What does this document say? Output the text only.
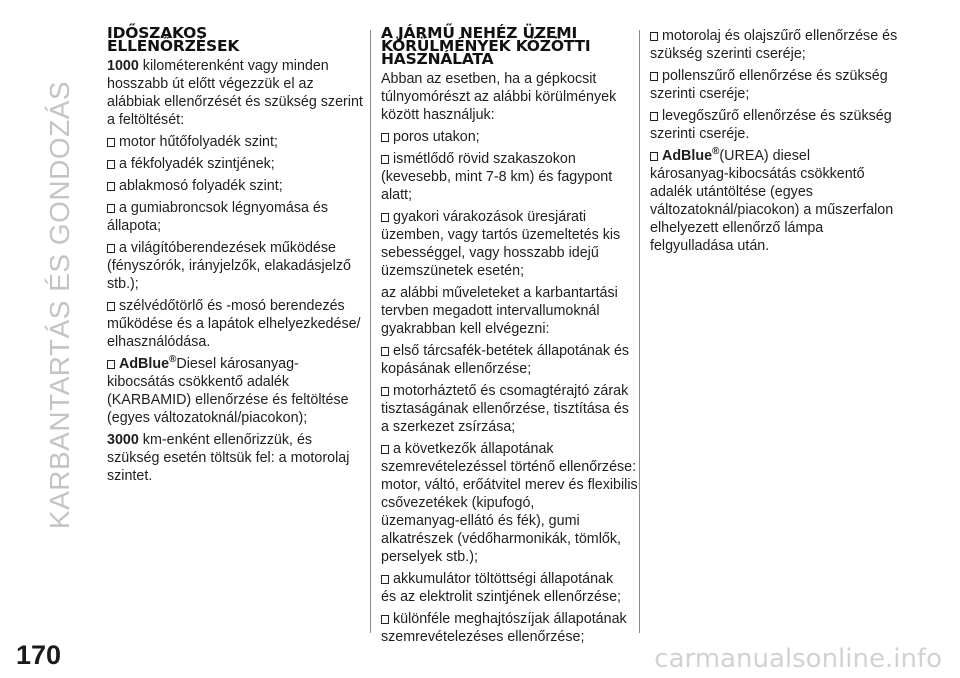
KARBANTARTÁS ÉS GONDOZÁS
IDŐSZAKOS
ELLENŐRZÉSEK
1000 kilométerenként vagy minden
hosszabb út előtt végezzük el az
alábbiak ellenőrzését és szükség szerint
a feltöltését:
motor hűtőfolyadék szint;
a fékfolyadék szintjének;
ablakmosó folyadék szint;
a gumiabroncsok légnyomása és
állapota;
a világítóberendezések működése
(fényszórók, irányjelzők, elakadásjelző
stb.);
szélvédőtörlő és -mosó berendezés
működése és a lapátok elhelyezkedése/
elhasználódása.
AdBlue®Diesel károsanyag-
kibocsátás csökkentő adalék
(KARBAMID) ellenőrzése és feltöltése
(egyes változatoknál/piacokon);
3000 km-enként ellenőrizzük, és
szükség esetén töltsük fel: a motorolaj
szintet.
A JÁRMŰ NEHÉZ ÜZEMI
KÖRÜLMÉNYEK KÖZÖTTI
HASZNÁLATA
Abban az esetben, ha a gépkocsit
túlnyomórészt az alábbi körülmények
között használjuk:
poros utakon;
ismétlődő rövid szakaszokon
(kevesebb, mint 7-8 km) és fagypont
alatt;
gyakori várakozások üresjárati
üzemben, vagy tartós üzemeltetés kis
sebességgel, vagy hosszabb idejű
üzemszünetek esetén;
az alábbi műveleteket a karbantartási
tervben megadott intervallumoknál
gyakrabban kell elvégezni:
első tárcsafék-betétek állapotának és
kopásának ellenőrzése;
motorháztető és csomagtérajtó zárak
tisztaságának ellenőrzése, tisztítása és
a szerkezet zsírzása;
a következők állapotának
szemrevételezéssel történő ellenőrzése:
motor, váltó, erőátvitel merev és flexibilis
csővezetékek (kipufogó,
üzemanyag-ellátó és fék), gumi
alkatrészek (védőharmonikák, tömlők,
perselyek stb.);
akkumulátor töltöttségi állapotának
és az elektrolit szintjének ellenőrzése;
különféle meghajtószíjak állapotának
szemrevételezéses ellenőrzése;
motorolaj és olajszűrő ellenőrzése és
szükség szerinti cseréje;
pollenszűrő ellenőrzése és szükség
szerinti cseréje;
levegőszűrő ellenőrzése és szükség
szerinti cseréje.
AdBlue®(UREA) diesel
károsanyag-kibocsátás csökkentő
adalék utántöltése (egyes
változatoknál/piacokon) a műszerfalon
elhelyezett ellenőrző lámpa
felgyulladása után.
170	carmanualsonline.info
